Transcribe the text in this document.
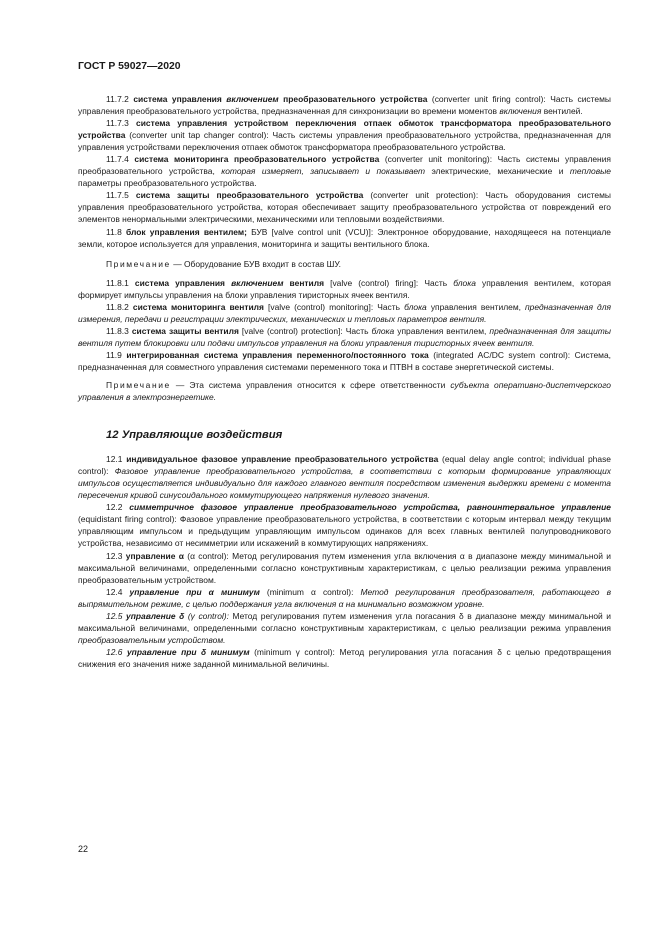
ГОСТ Р 59027—2020

11.7.2 система управления включением преобразовательного устройства (converter unit firing control): Часть системы управления преобразовательного устройства, предназначенная для синхронизации во времени моментов включения вентилей.

11.7.3 система управления устройством переключения отпаек обмоток трансформатора преобразовательного устройства (converter unit tap changer control): Часть системы управления преобразовательного устройства, предназначенная для управления устройствами переключения отпаек обмоток трансформатора преобразовательного устройства.

11.7.4 система мониторинга преобразовательного устройства (converter unit monitoring): Часть системы управления преобразовательного устройства, которая измеряет, записывает и показывает электрические, механические и тепловые параметры преобразовательного устройства.

11.7.5 система защиты преобразовательного устройства (converter unit protection): Часть оборудования системы управления преобразовательного устройства, которая обеспечивает защиту преобразовательного устройства от повреждений его элементов ненормальными электрическими, механическими или тепловыми воздействиями.

11.8 блок управления вентилем; БУВ [valve control unit (VCU)]: Электронное оборудование, находящееся на потенциале земли, которое используется для управления, мониторинга и защиты вентильного блока.

Примечание — Оборудование БУВ входит в состав ШУ.

11.8.1 система управления включением вентиля [valve (control) firing]: Часть блока управления вентилем, которая формирует импульсы управления на блоки управления тиристорных ячеек вентиля.

11.8.2 система мониторинга вентиля [valve (control) monitoring]: Часть блока управления вентилем, предназначенная для измерения, передачи и регистрации электрических, механических и тепловых параметров вентиля.

11.8.3 система защиты вентиля [valve (control) protection]: Часть блока управления вентилем, предназначенная для защиты вентиля путем блокировки или подачи импульсов управления на блоки управления тиристорных ячеек вентиля.

11.9 интегрированная система управления переменного/постоянного тока (integrated AC/DC system control): Система, предназначенная для совместного управления системами переменного тока и ПТВН в составе энергетической системы.

Примечание — Эта система управления относится к сфере ответственности субъекта оперативно-диспетчерского управления в электроэнергетике.

12 Управляющие воздействия

12.1 индивидуальное фазовое управление преобразовательного устройства (equal delay angle control; individual phase control): Фазовое управление преобразовательного устройства, в соответствии с которым формирование управляющих импульсов осуществляется индивидуально для каждого главного вентиля посредством изменения выдержки времени с момента пересечения кривой синусоидального коммутирующего напряжения нулевого значения.

12.2 симметричное фазовое управление преобразовательного устройства, равноинтервальное управление (equidistant firing control): Фазовое управление преобразовательного устройства, в соответствии с которым интервал между текущим управляющим импульсом и предыдущим управляющим импульсом одинаков для всех главных вентилей полупроводникового устройства, независимо от несимметрии или искажений в коммутирующих напряжениях.

12.3 управление α (α control): Метод регулирования путем изменения угла включения α в диапазоне между минимальной и максимальной величинами, определенными согласно конструктивным характеристикам, с целью реализации режима управления преобразовательным устройством.

12.4 управление при α минимум (minimum α control): Метод регулирования преобразователя, работающего в выпрямительном режиме, с целью поддержания угла включения α на минимально возможном уровне.

12.5 управление δ (γ control): Метод регулирования путем изменения угла погасания δ в диапазоне между минимальной и максимальной величинами, определенными согласно конструктивным характеристикам, с целью реализации режима управления преобразовательным устройством.

12.6 управление при δ минимум (minimum γ control): Метод регулирования угла погасания δ с целью предотвращения снижения его значения ниже заданной минимальной величины.

22
